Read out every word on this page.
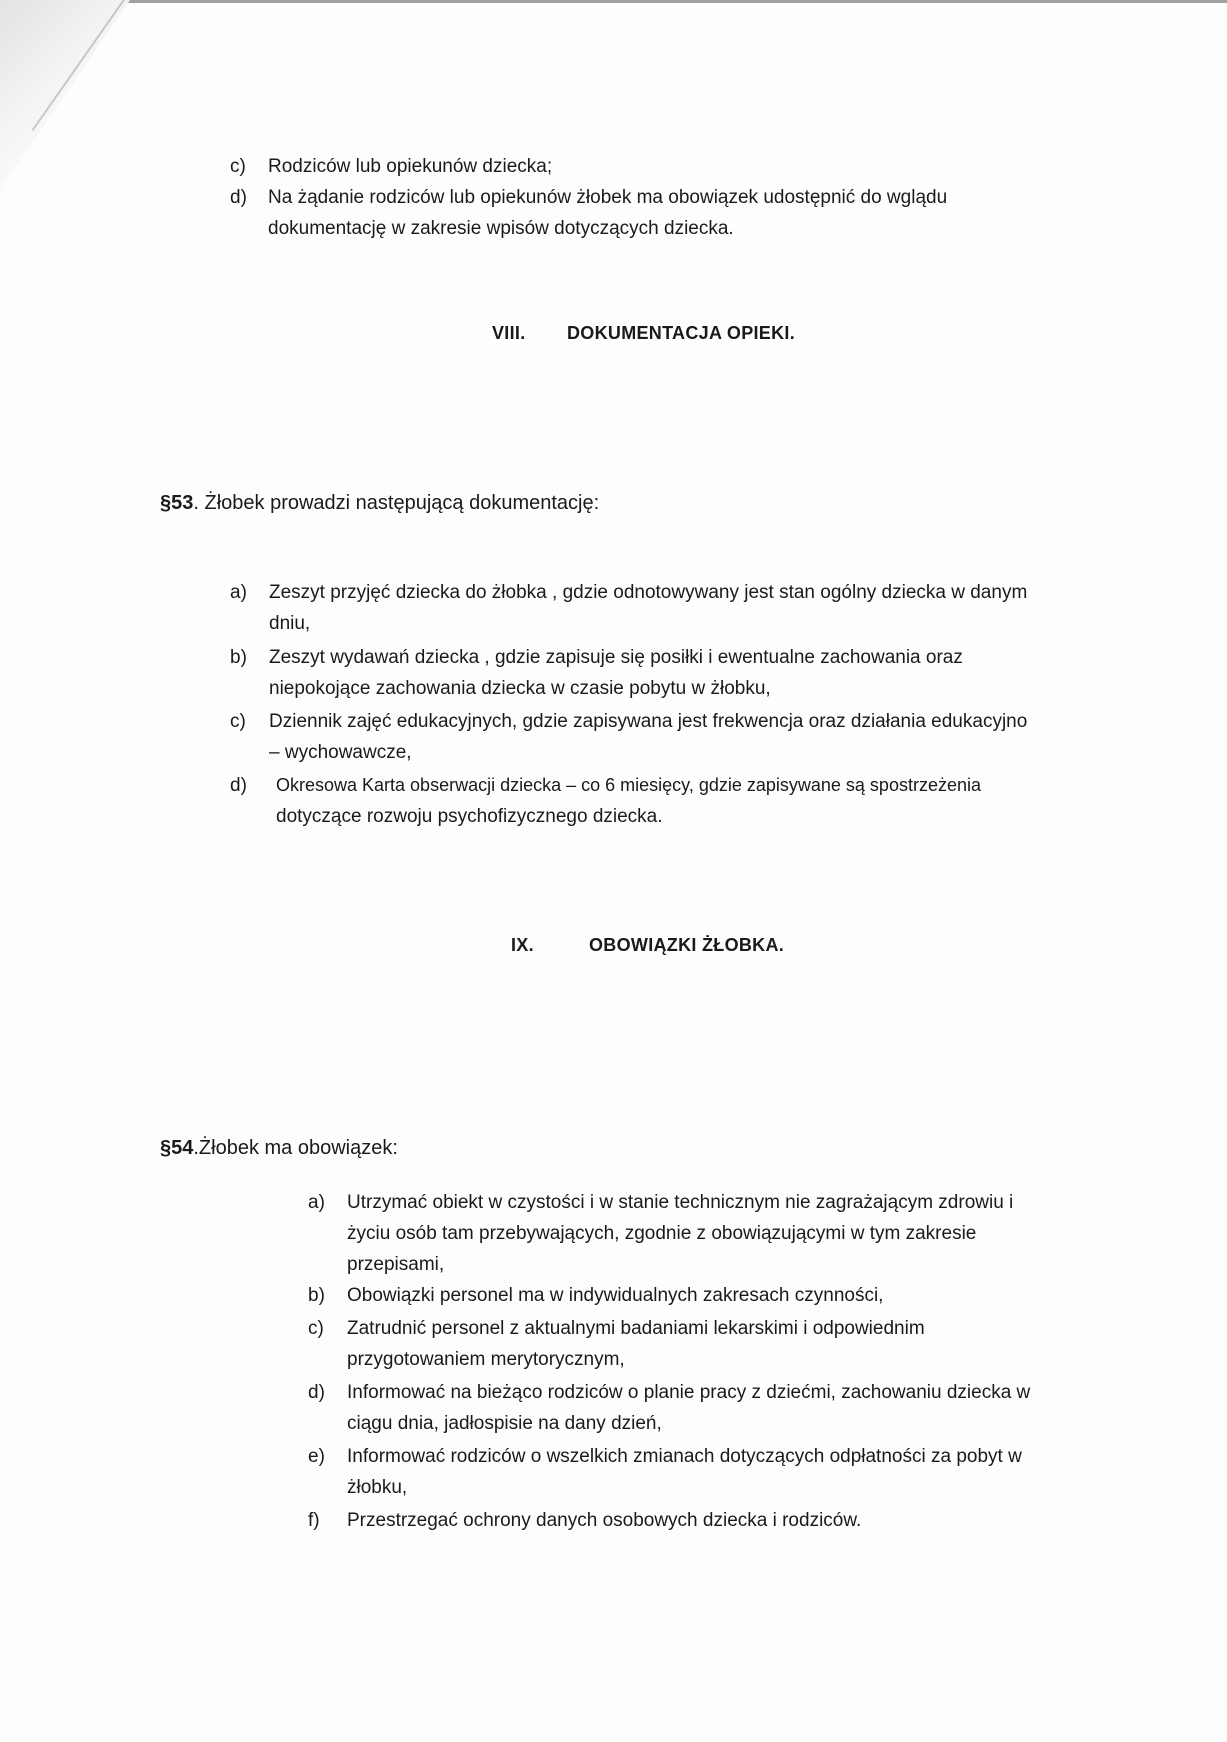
c) Rodziców lub opiekunów dziecka;
d) Na żądanie rodziców lub opiekunów żłobek ma obowiązek udostępnić do wglądu
dokumentację w zakresie wpisów dotyczących dziecka.
VIII. DOKUMENTACJA OPIEKI.
§53. Żłobek prowadzi następującą dokumentację:
a) Zeszyt przyjęć dziecka do żłobka , gdzie odnotowywany jest stan ogólny dziecka w danym
dniu,
b) Zeszyt wydawań dziecka , gdzie zapisuje się posiłki i ewentualne zachowania oraz
niepokojące zachowania dziecka w czasie pobytu w żłobku,
c) Dziennik zajęć edukacyjnych, gdzie zapisywana jest frekwencja oraz działania edukacyjno
– wychowawcze,
d) Okresowa Karta obserwacji dziecka – co 6 miesięcy, gdzie zapisywane są spostrzeżenia
dotyczące rozwoju psychofizycznego dziecka.
IX.	OBOWIĄZKI ŻŁOBKA.
§54.Żłobek ma obowiązek:
a) Utrzymać obiekt w czystości i w stanie technicznym nie zagrażającym zdrowiu i
życiu osób tam przebywających, zgodnie z obowiązującymi w tym zakresie
przepisami,
b) Obowiązki personel ma w indywidualnych zakresach czynności,
c) Zatrudnić personel z aktualnymi badaniami lekarskimi i odpowiednim
przygotowaniem merytorycznym,
d) Informować na bieżąco rodziców o planie pracy z dziećmi, zachowaniu dziecka w
ciągu dnia, jadłospisie na dany dzień,
e) Informować rodziców o wszelkich zmianach dotyczących odpłatności za pobyt w
żłobku,
f) Przestrzegać ochrony danych osobowych dziecka i rodziców.
